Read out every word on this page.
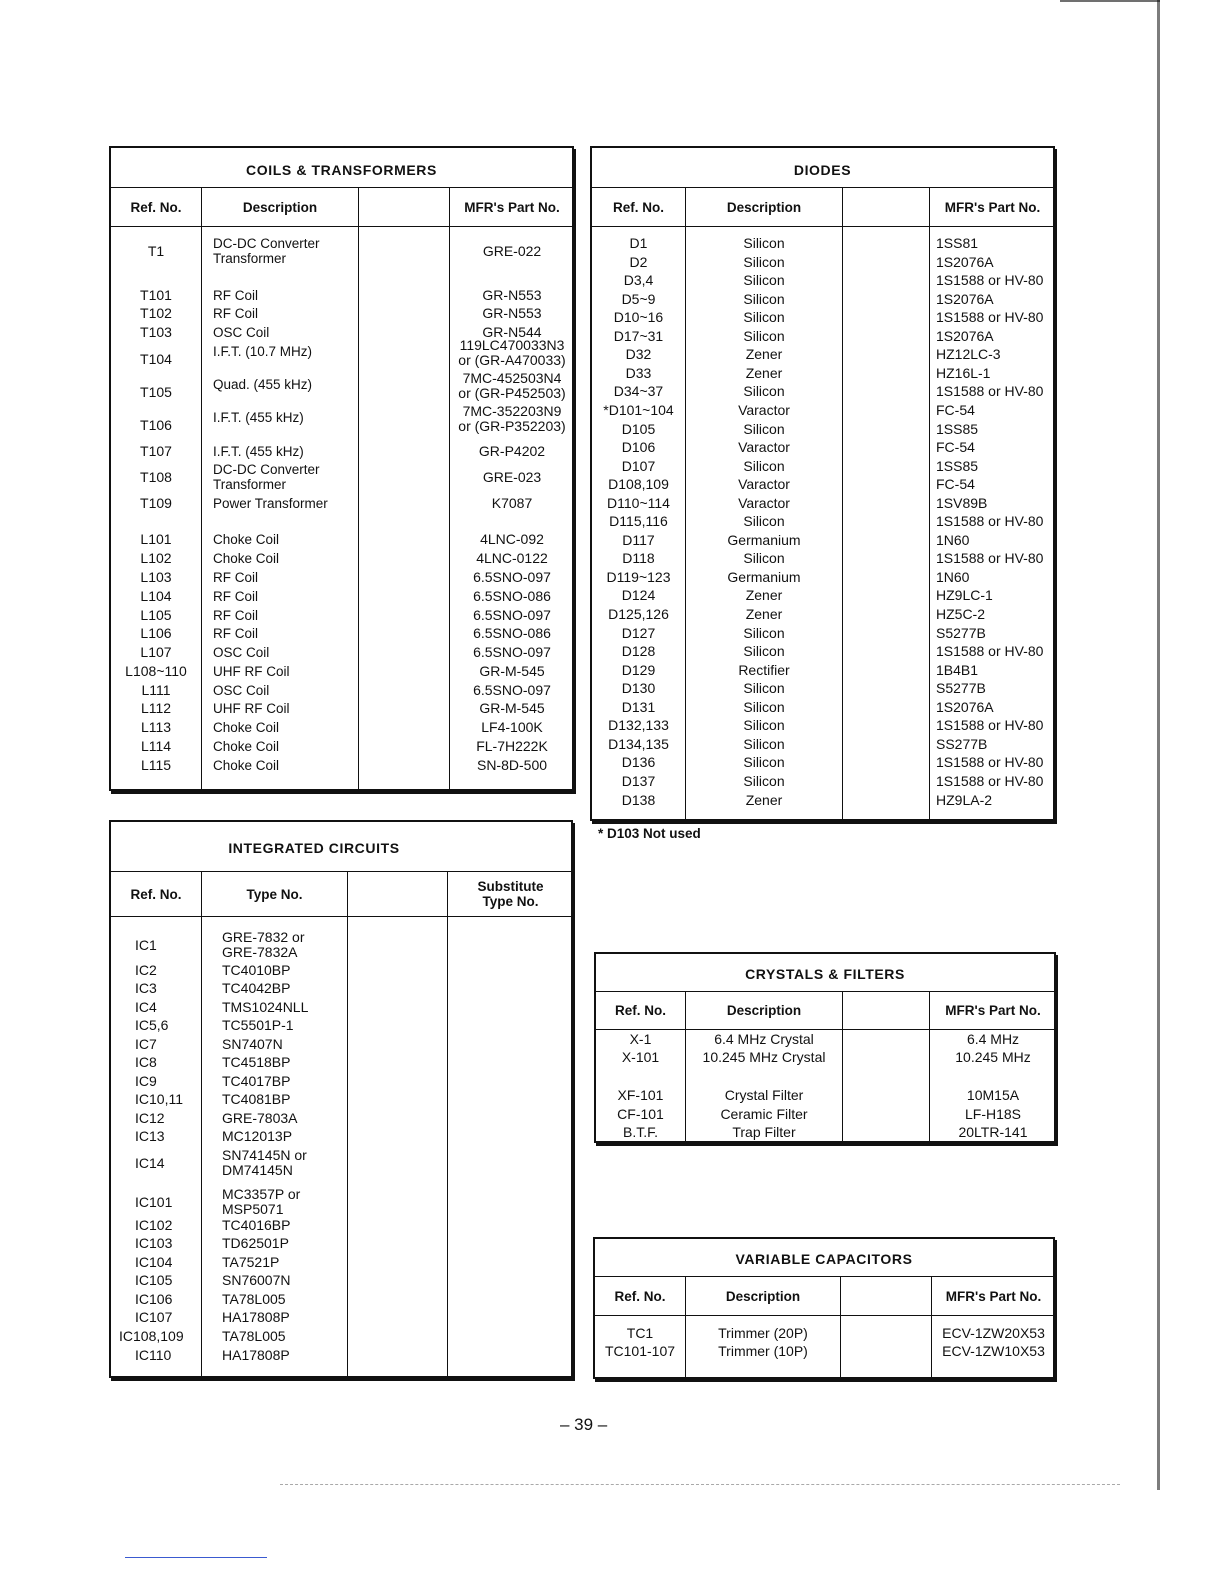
COILS & TRANSFORMERS
Ref. No.	Description	MFR's Part No.
T1	DC-DC Converter
Transformer	GRE-022
T101	RF Coil	GR-N553
T102	RF Coil	GR-N553
T103	OSC Coil	GR-N544
T104	I.F.T. (10.7 MHz)	119LC470033N3
or (GR-A470033)
T105	Quad. (455 kHz)	7MC-452503N4
or (GR-P452503)
T106	I.F.T. (455 kHz)	7MC-352203N9
or (GR-P352203)
T107	I.F.T. (455 kHz)	GR-P4202
T108	DC-DC Converter
Transformer	GRE-023
T109	Power Transformer	K7087
L101	Choke Coil	4LNC-092
L102	Choke Coil	4LNC-0122
L103	RF Coil	6.5SNO-097
L104	RF Coil	6.5SNO-086
L105	RF Coil	6.5SNO-097
L106	RF Coil	6.5SNO-086
L107	OSC Coil	6.5SNO-097
L108~110	UHF RF Coil	GR-M-545
L111	OSC Coil	6.5SNO-097
L112	UHF RF Coil	GR-M-545
L113	Choke Coil	LF4-100K
L114	Choke Coil	FL-7H222K
L115	Choke Coil	SN-8D-500
DIODES
Ref. No.	Description	MFR's Part No.
D1	Silicon	1SS81
D2	Silicon	1S2076A
D3,4	Silicon	1S1588 or HV-80
D5~9	Silicon	1S2076A
D10~16	Silicon	1S1588 or HV-80
D17~31	Silicon	1S2076A
D32	Zener	HZ12LC-3
D33	Zener	HZ16L-1
D34~37	Silicon	1S1588 or HV-80
*D101~104	Varactor	FC-54
D105	Silicon	1SS85
D106	Varactor	FC-54
D107	Silicon	1SS85
D108,109	Varactor	FC-54
D110~114	Varactor	1SV89B
D115,116	Silicon	1S1588 or HV-80
D117	Germanium	1N60
D118	Silicon	1S1588 or HV-80
D119~123	Germanium	1N60
D124	Zener	HZ9LC-1
D125,126	Zener	HZ5C-2
D127	Silicon	S5277B
D128	Silicon	1S1588 or HV-80
D129	Rectifier	1B4B1
D130	Silicon	S5277B
D131	Silicon	1S2076A
D132,133	Silicon	1S1588 or HV-80
D134,135	Silicon	SS277B
D136	Silicon	1S1588 or HV-80
D137	Silicon	1S1588 or HV-80
D138	Zener	HZ9LA-2
* D103 Not used
INTEGRATED CIRCUITS
Ref. No.	Type No.	Substitute
Type No.
IC1	GRE-7832 or
GRE-7832A
IC2	TC4010BP
IC3	TC4042BP
IC4	TMS1024NLL
IC5,6	TC5501P-1
IC7	SN7407N
IC8	TC4518BP
IC9	TC4017BP
IC10,11	TC4081BP
IC12	GRE-7803A
IC13	MC12013P
IC14	SN74145N or
DM74145N
IC101	MC3357P or
MSP5071
IC102	TC4016BP
IC103	TD62501P
IC104	TA7521P
IC105	SN76007N
IC106	TA78L005
IC107	HA17808P
IC108,109	TA78L005
IC110	HA17808P
CRYSTALS & FILTERS
Ref. No.	Description	MFR's Part No.
X-1	6.4 MHz Crystal	6.4 MHz
X-101	10.245 MHz Crystal	10.245 MHz
XF-101	Crystal Filter	10M15A
CF-101	Ceramic Filter	LF-H18S
B.T.F.	Trap Filter	20LTR-141
VARIABLE CAPACITORS
Ref. No.	Description	MFR's Part No.
TC1	Trimmer (20P)	ECV-1ZW20X53
TC101-107	Trimmer (10P)	ECV-1ZW10X53
– 39 –
